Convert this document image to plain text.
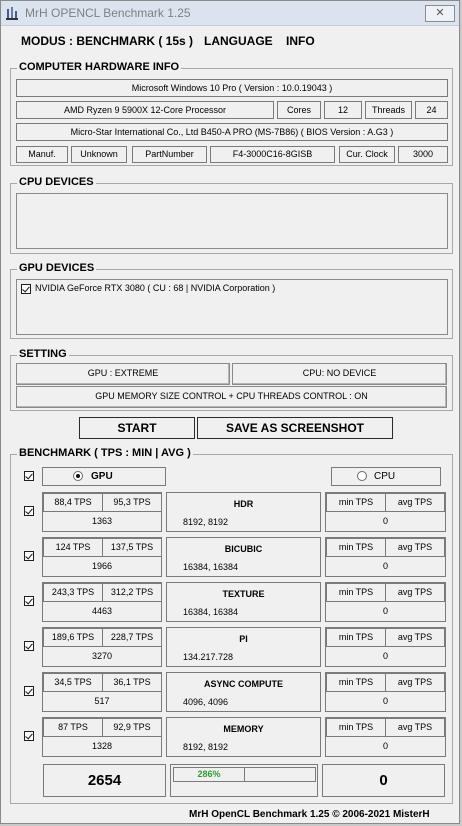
MrH OPENCL Benchmark 1.25	✕
MODUS : BENCHMARK ( 15s ) LANGUAGE INFO
COMPUTER HARDWARE INFO
Microsoft Windows 10 Pro ( Version : 10.0.19043 )
AMD Ryzen 9 5900X 12-Core Processor	Cores	12	Threads	24
Micro-Star International Co., Ltd B450-A PRO (MS-7B86) ( BIOS Version : A.G3 )
Manuf.	Unknown	PartNumber	F4-3000C16-8GISB	Cur. Clock	3000
CPU DEVICES
GPU DEVICES
NVIDIA GeForce RTX 3080 ( CU : 68 | NVIDIA Corporation )
SETTING
GPU : EXTREME	CPU: NO DEVICE
GPU MEMORY SIZE CONTROL + CPU THREADS CONTROL : ON
START	SAVE AS SCREENSHOT
BENCHMARK ( TPS : MIN | AVG )
GPU	CPU
88,4 TPS	95,3 TPS
1363
HDR
8192, 8192
min TPS	avg TPS
0
124 TPS	137,5 TPS
1966
BICUBIC
16384, 16384
min TPS	avg TPS
0
243,3 TPS	312,2 TPS
4463
TEXTURE
16384, 16384
min TPS	avg TPS
0
189,6 TPS	228,7 TPS
3270
PI
134.217.728
min TPS	avg TPS
0
34,5 TPS	36,1 TPS
517
ASYNC COMPUTE
4096, 4096
min TPS	avg TPS
0
87 TPS	92,9 TPS
1328
MEMORY
8192, 8192
min TPS	avg TPS
0
2654	286%	0
MrH OpenCL Benchmark 1.25 © 2006-2021 MisterH
